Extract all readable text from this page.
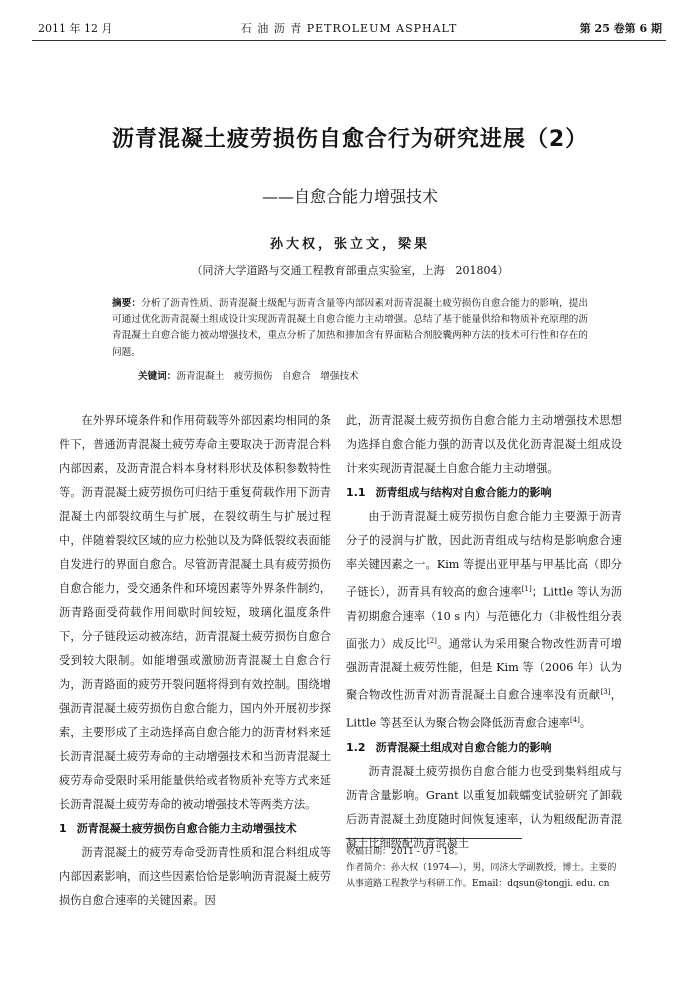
2011 年 12 月	石 油 沥 青 PETROLEUM ASPHALT	第 25 卷第 6 期
沥青混凝土疲劳损伤自愈合行为研究进展（2）
——自愈合能力增强技术
孙大权，张立文，梁果
（同济大学道路与交通工程教育部重点实验室，上海　201804）
摘要：分析了沥青性质、沥青混凝土级配与沥青含量等内部因素对沥青混凝土疲劳损伤自愈合能力的影响，提出可通过优化沥青混凝土组成设计实现沥青混凝土自愈合能力主动增强。总结了基于能量供给和物质补充原理的沥青混凝土自愈合能力被动增强技术，重点分析了加热和掺加含有界面粘合剂胶囊两种方法的技术可行性和存在的问题。
关键词：沥青混凝土　疲劳损伤　自愈合　增强技术

在外界环境条件和作用荷载等外部因素均相同的条件下，普通沥青混凝土疲劳寿命主要取决于沥青混合料内部因素，及沥青混合料本身材料形状及体积参数特性等。沥青混凝土疲劳损伤可归结于重复荷载作用下沥青混凝土内部裂纹萌生与扩展，在裂纹萌生与扩展过程中，伴随着裂纹区域的应力松弛以及为降低裂纹表面能自发进行的界面自愈合。尽管沥青混凝土具有疲劳损伤自愈合能力，受交通条件和环境因素等外界条件制约，沥青路面受荷载作用间歇时间较短，玻璃化温度条件下，分子链段运动被冻结，沥青混凝土疲劳损伤自愈合受到较大限制。如能增强或激励沥青混凝土自愈合行为，沥青路面的疲劳开裂问题将得到有效控制。围绕增强沥青混凝土疲劳损伤自愈合能力，国内外开展初步探索，主要形成了主动选择高自愈合能力的沥青材料来延长沥青混凝土疲劳寿命的主动增强技术和当沥青混凝土疲劳寿命受限时采用能量供给或者物质补充等方式来延长沥青混凝土疲劳寿命的被动增强技术等两类方法。

1 沥青混凝土疲劳损伤自愈合能力主动增强技术

沥青混凝土的疲劳寿命受沥青性质和混合料组成等内部因素影响，而这些因素恰恰是影响沥青混凝土疲劳损伤自愈合速率的关键因素。因

此，沥青混凝土疲劳损伤自愈合能力主动增强技术思想为选择自愈合能力强的沥青以及优化沥青混凝土组成设计来实现沥青混凝土自愈合能力主动增强。

1.1 沥青组成与结构对自愈合能力的影响

由于沥青混凝土疲劳损伤自愈合能力主要源于沥青分子的浸润与扩散，因此沥青组成与结构是影响愈合速率关键因素之一。Kim 等提出亚甲基与甲基比高（即分子链长），沥青具有较高的愈合速率[1]；Little 等认为沥青初期愈合速率（10 s 内）与范德化力（非极性组分表面张力）成反比[2]。通常认为采用聚合物改性沥青可增强沥青混凝土疲劳性能，但是 Kim 等（2006 年）认为聚合物改性沥青对沥青混凝土自愈合速率没有贡献[3]，Little 等甚至认为聚合物会降低沥青愈合速率[4]。

1.2 沥青混凝土组成对自愈合能力的影响

沥青混凝土疲劳损伤自愈合能力也受到集料组成与沥青含量影响。Grant 以重复加载蠕变试验研究了卸载后沥青混凝土劲度随时间恢复速率，认为粗级配沥青混凝土比细级配沥青混凝土

收稿日期：2011 - 07 - 18。

作者简介：孙大权（1974—），男，同济大学副教授，博士。主要的从事道路工程教学与科研工作。Email：dqsun@tongji. edu. cn
